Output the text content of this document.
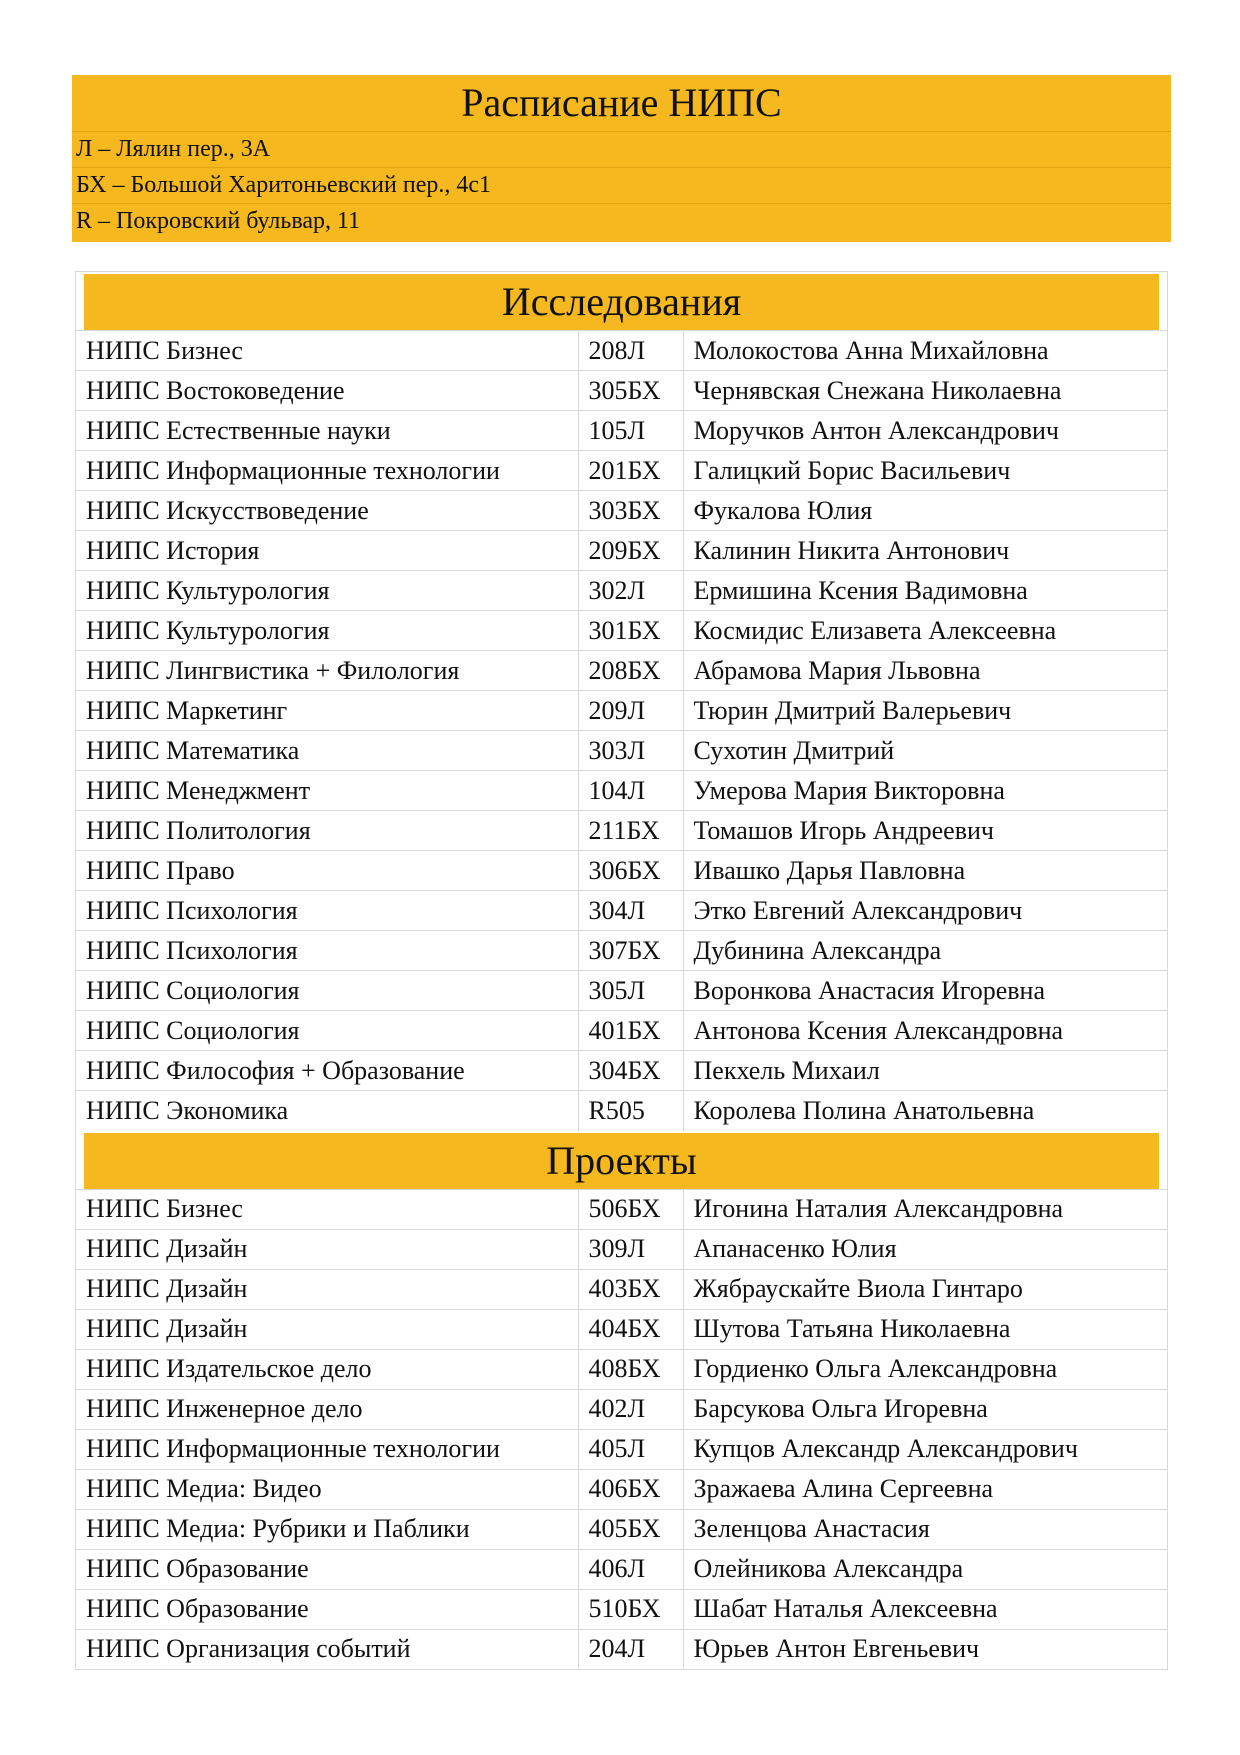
Расписание НИПС
Л – Лялин пер., 3А
БХ – Большой Харитоньевский пер., 4с1
R – Покровский бульвар, 11
Исследования
НИПС Бизнес	208Л	Молокостова Анна Михайловна
НИПС Востоковедение	305БХ	Чернявская Снежана Николаевна
НИПС Естественные науки	105Л	Моручков Антон Александрович
НИПС Информационные технологии	201БХ	Галицкий Борис Васильевич
НИПС Искусствоведение	303БХ	Фукалова Юлия
НИПС История	209БХ	Калинин Никита Антонович
НИПС Культурология	302Л	Ермишина Ксения Вадимовна
НИПС Культурология	301БХ	Космидис Елизавета Алексеевна
НИПС Лингвистика + Филология	208БХ	Абрамова Мария Львовна
НИПС Маркетинг	209Л	Тюрин Дмитрий Валерьевич
НИПС Математика	303Л	Сухотин Дмитрий
НИПС Менеджмент	104Л	Умерова Мария Викторовна
НИПС Политология	211БХ	Томашов Игорь Андреевич
НИПС Право	306БХ	Ивашко Дарья Павловна
НИПС Психология	304Л	Этко Евгений Александрович
НИПС Психология	307БХ	Дубинина Александра
НИПС Социология	305Л	Воронкова Анастасия Игоревна
НИПС Социология	401БХ	Антонова Ксения Александровна
НИПС Философия + Образование	304БХ	Пекхель Михаил
НИПС Экономика	R505	Королева Полина Анатольевна
Проекты
НИПС Бизнес	506БХ	Игонина Наталия Александровна
НИПС Дизайн	309Л	Апанасенко Юлия
НИПС Дизайн	403БХ	Жябраускайте Виола Гинтаро
НИПС Дизайн	404БХ	Шутова Татьяна Николаевна
НИПС Издательское дело	408БХ	Гордиенко Ольга Александровна
НИПС Инженерное дело	402Л	Барсукова Ольга Игоревна
НИПС Информационные технологии	405Л	Купцов Александр Александрович
НИПС Медиа: Видео	406БХ	Зражаева Алина Сергеевна
НИПС Медиа: Рубрики и Паблики	405БХ	Зеленцова Анастасия
НИПС Образование	406Л	Олейникова Александра
НИПС Образование	510БХ	Шабат Наталья Алексеевна
НИПС Организация событий	204Л	Юрьев Антон Евгеньевич
